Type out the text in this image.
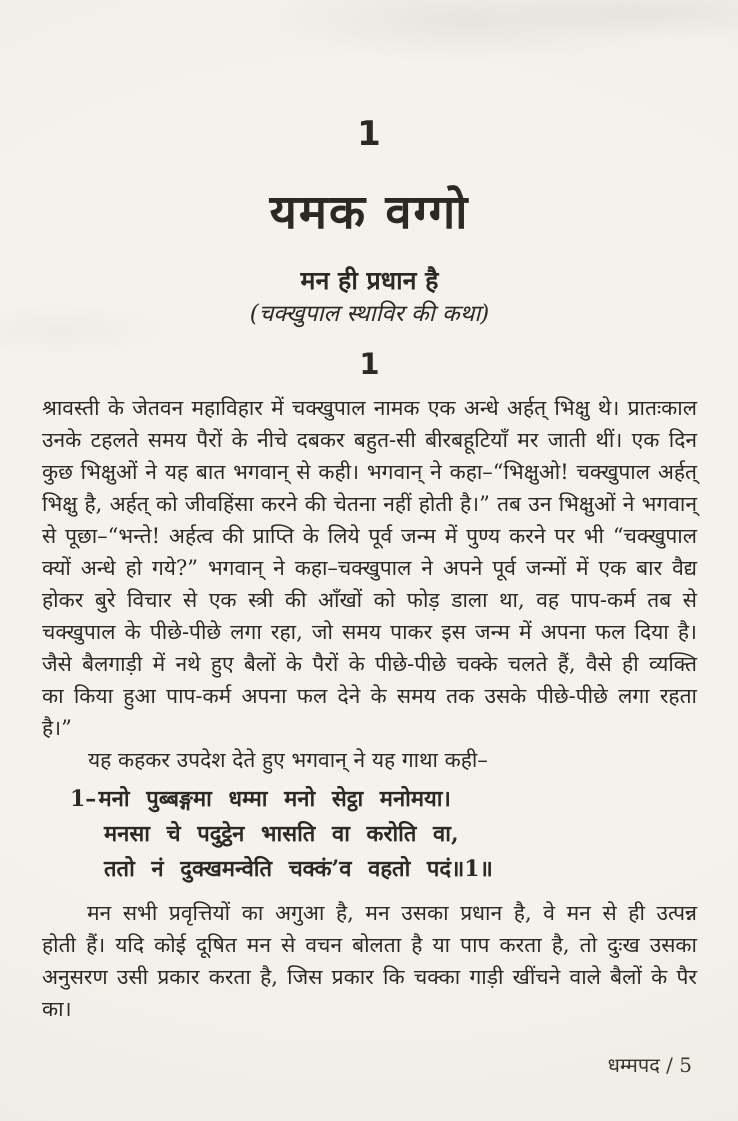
1
यमक वग्गो
मन ही प्रधान है
(चक्खुपाल स्थाविर की कथा)
1
श्रावस्ती के जेतवन महाविहार में चक्खुपाल नामक एक अन्धे अर्हत् भिक्षु थे। प्रातःकाल
उनके टहलते समय पैरों के नीचे दबकर बहुत-सी बीरबहूटियाँ मर जाती थीं। एक दिन
कुछ भिक्षुओं ने यह बात भगवान् से कही। भगवान् ने कहा–“भिक्षुओ! चक्खुपाल अर्हत्
भिक्षु है, अर्हत् को जीवहिंसा करने की चेतना नहीं होती है।” तब उन भिक्षुओं ने भगवान्
से पूछा–“भन्ते! अर्हत्व की प्राप्ति के लिये पूर्व जन्म में पुण्य करने पर भी “चक्खुपाल
क्यों अन्धे हो गये?” भगवान् ने कहा–चक्खुपाल ने अपने पूर्व जन्मों में एक बार वैद्य
होकर बुरे विचार से एक स्त्री की आँखों को फोड़ डाला था, वह पाप-कर्म तब से
चक्खुपाल के पीछे-पीछे लगा रहा, जो समय पाकर इस जन्म में अपना फल दिया है।
जैसे बैलगाड़ी में नथे हुए बैलों के पैरों के पीछे-पीछे चक्के चलते हैं, वैसे ही व्यक्ति
का किया हुआ पाप-कर्म अपना फल देने के समय तक उसके पीछे-पीछे लगा रहता
है।”
यह कहकर उपदेश देते हुए भगवान् ने यह गाथा कही–
1–  मनो पुब्बङ्गमा धम्मा मनो सेट्ठा मनोमया।
मनसा चे पदुट्ठेन भासति वा करोति वा,
ततो नं दुक्खमन्वेति चक्कं’व वहतो पदं॥1॥
मन सभी प्रवृत्तियों का अगुआ है, मन उसका प्रधान है, वे मन से ही उत्पन्न
होती हैं। यदि कोई दूषित मन से वचन बोलता है या पाप करता है, तो दुःख उसका
अनुसरण उसी प्रकार करता है, जिस प्रकार कि चक्का गाड़ी खींचने वाले बैलों के पैर
का।
धम्मपद / 5
